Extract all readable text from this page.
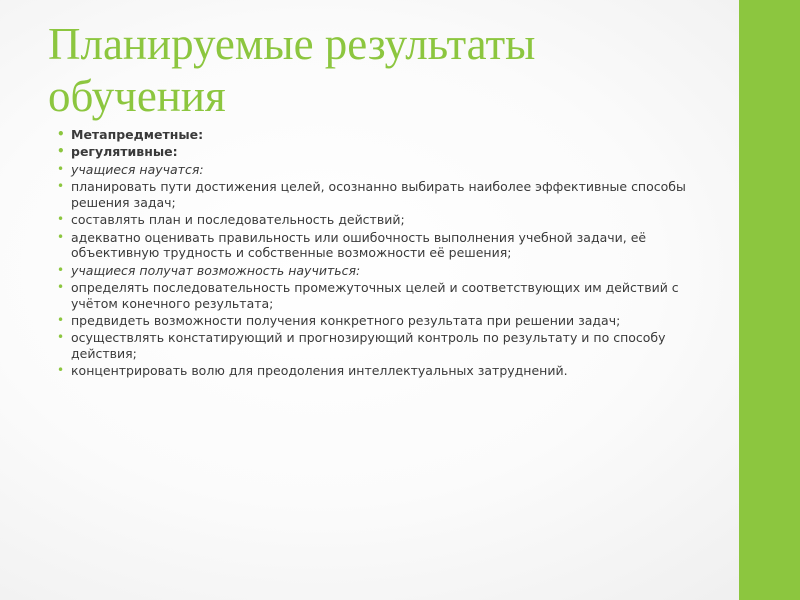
Планируемые результаты обучения
• Метапредметные:
• регулятивные:
• учащиеся научатся:
• планировать пути достижения целей, осознанно выбирать наиболее эффективные способы решения задач;
• составлять план и последовательность действий;
• адекватно оценивать правильность или ошибочность выполнения учебной задачи, её объективную трудность и собственные возможности её решения;
• учащиеся получат возможность научиться:
• определять последовательность промежуточных целей и соответствующих им действий с учётом конечного результата;
• предвидеть возможности получения конкретного результата при решении задач;
• осуществлять констатирующий и прогнозирующий контроль по результату и по способу действия;
• концентрировать волю для преодоления интеллектуальных затруднений.
